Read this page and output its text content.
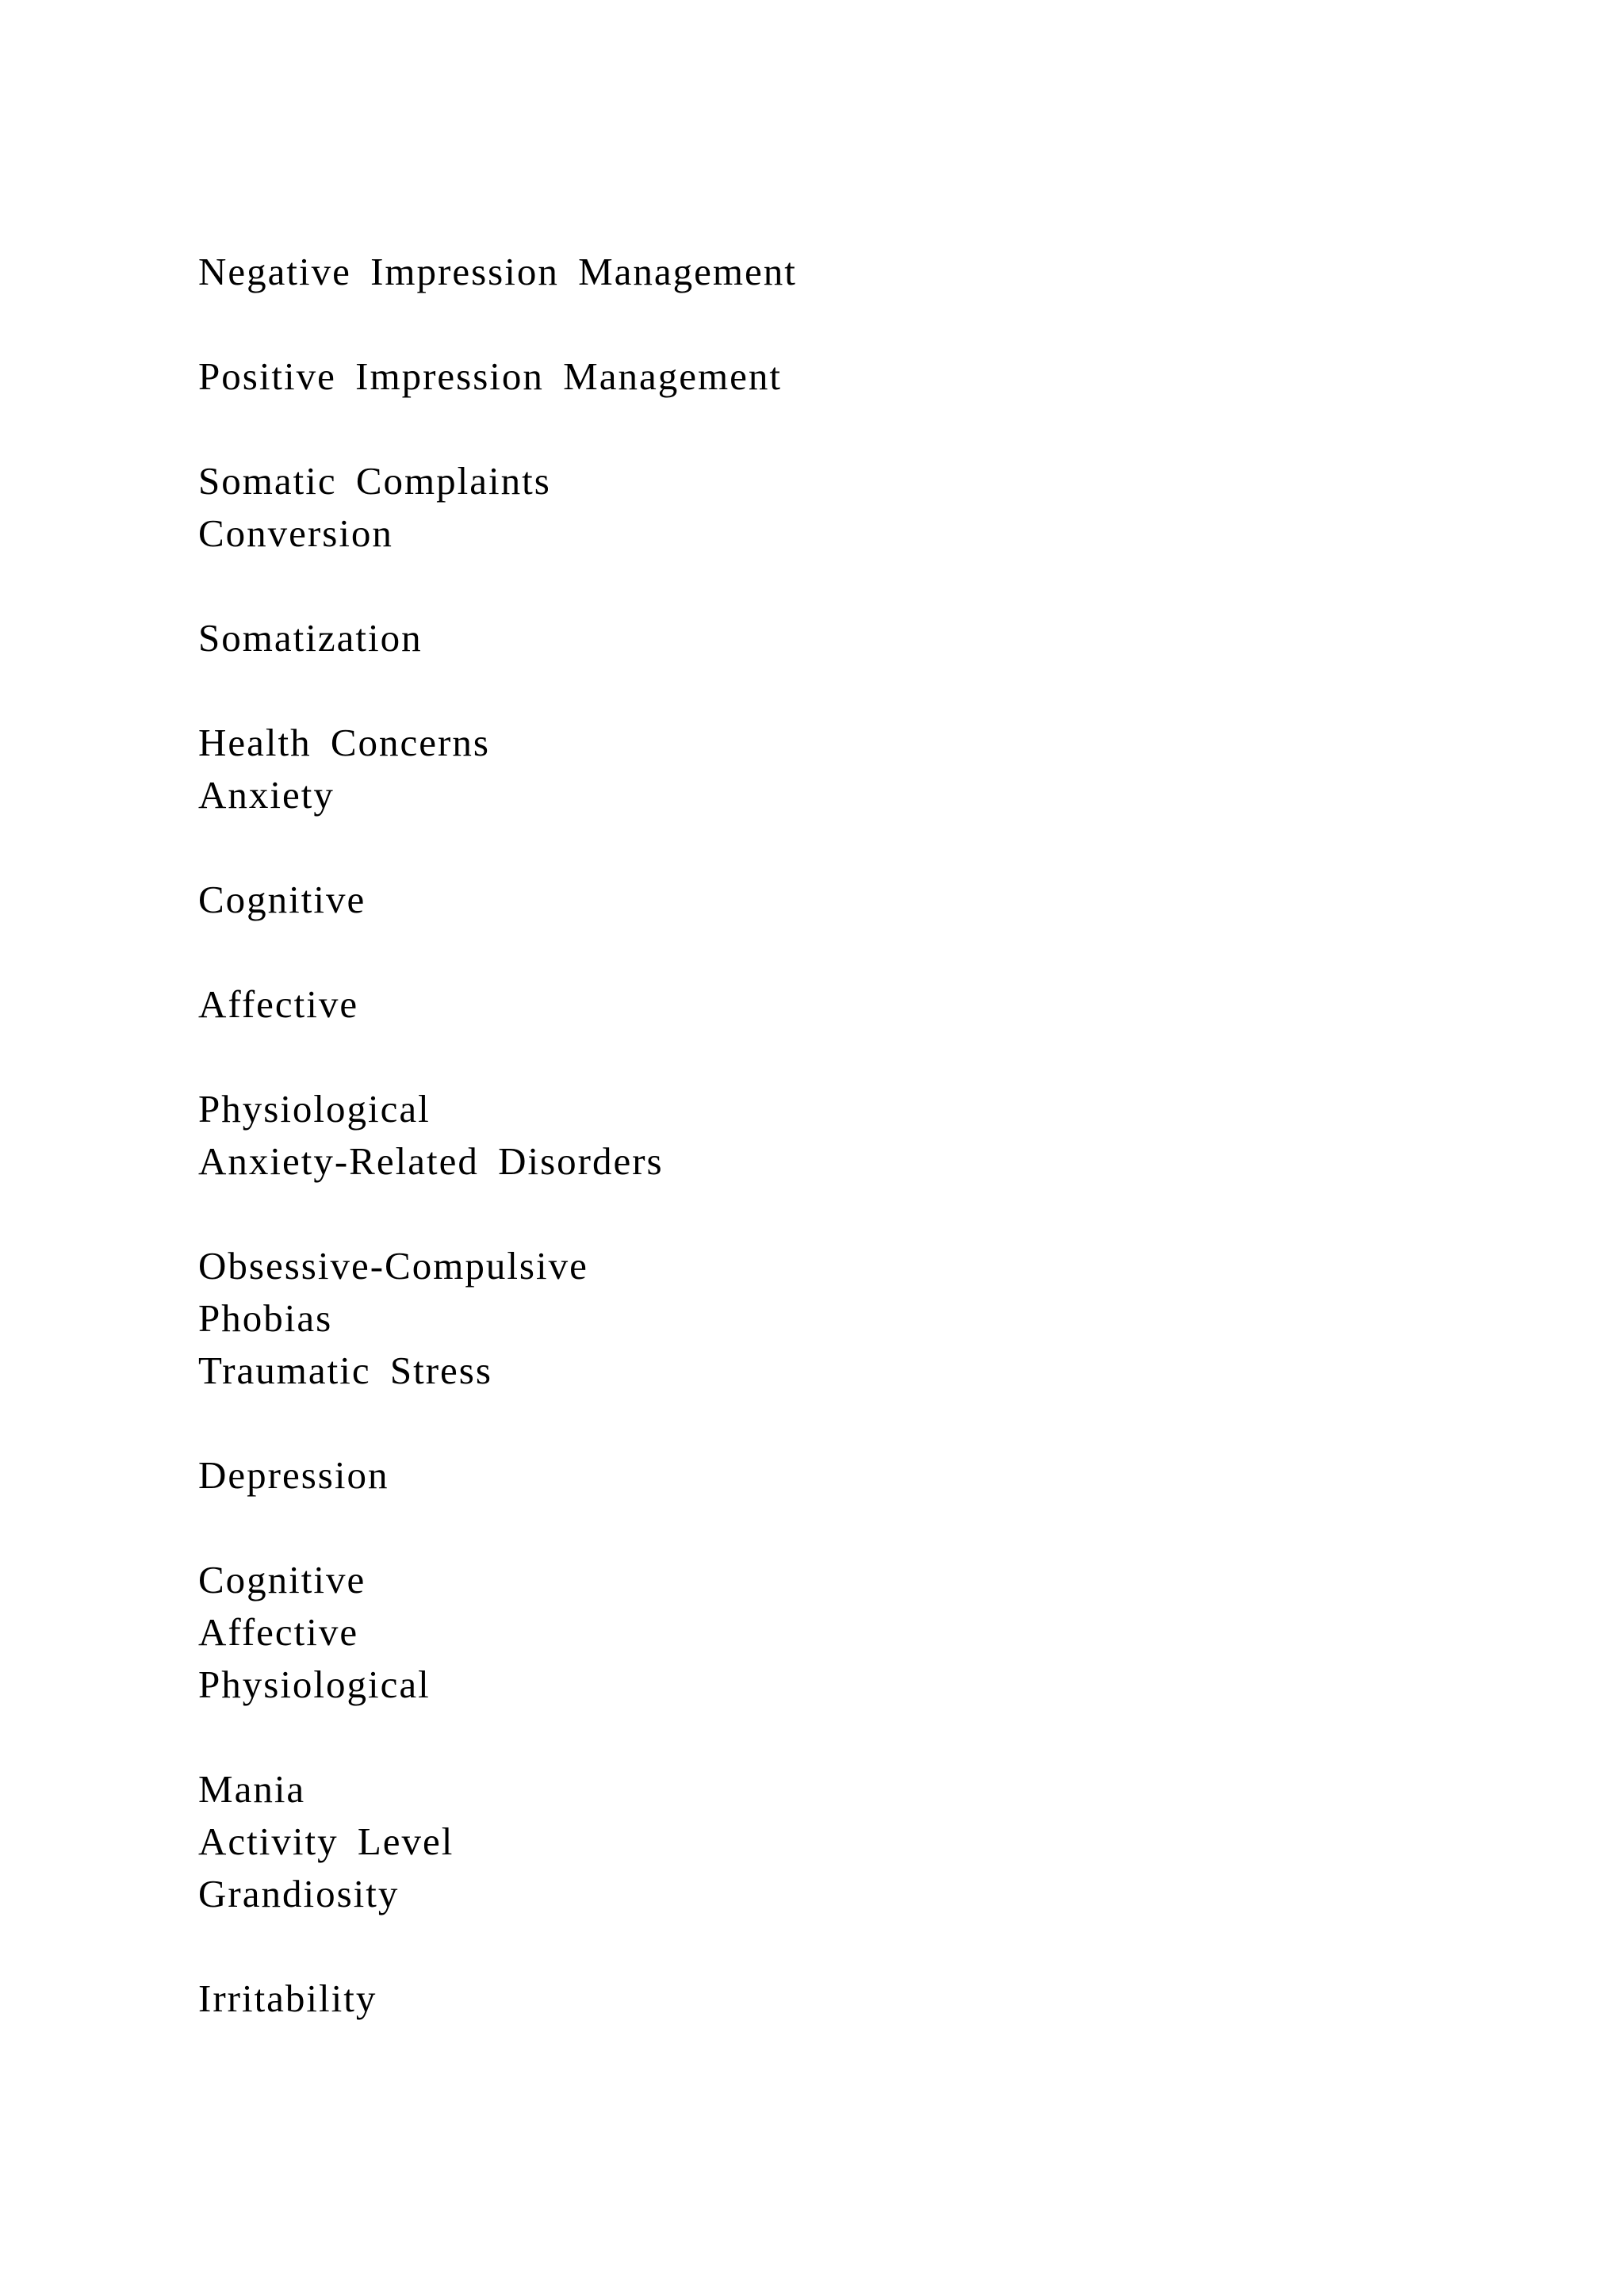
Negative Impression Management

Positive Impression Management

Somatic Complaints

Conversion

Somatization

Health Concerns

Anxiety

Cognitive

Affective

Physiological

Anxiety-Related Disorders

Obsessive-Compulsive

Phobias

Traumatic Stress

Depression

Cognitive

Affective

Physiological

Mania

Activity Level

Grandiosity

Irritability
